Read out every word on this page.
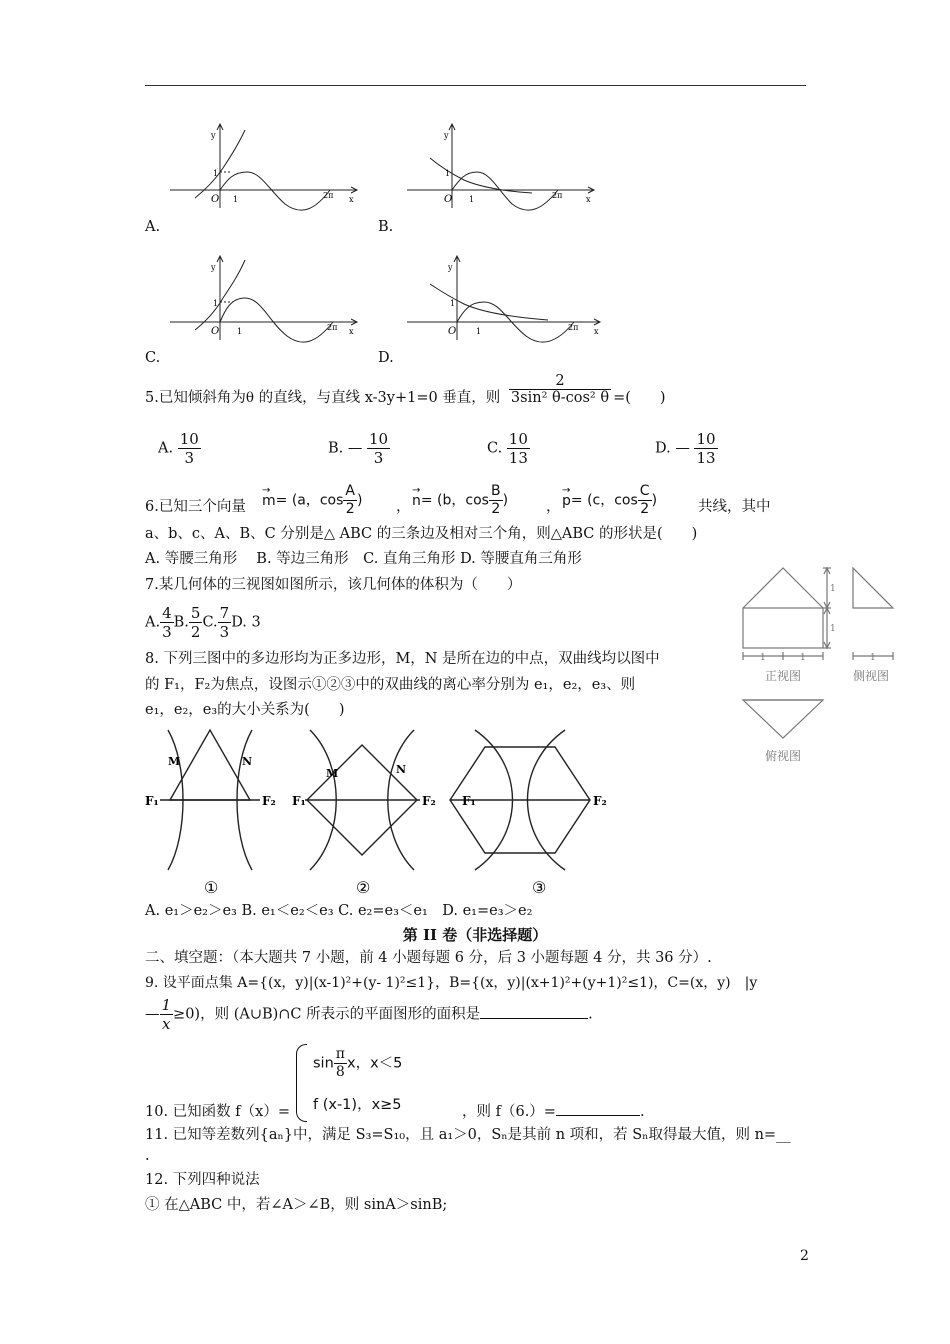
y
x
O
1
1	2π
A.
y
x
O
1
1	2π
B.
y
x
O
1
1	2π
C.
y
x
O
1
1	2π
D.
5.已知倾斜角为θ 的直线，与直线 x-3y+1=0 垂直，则 $\frac{2}{\text{3sin² θ-cos² θ}}$ =(　　)
A. $\frac{10}{3}$	B. — $\frac{10}{3}$	C. $\frac{10}{13}$	D. — $\frac{10}{13}$
6.已知三个向量
→
m= (a，$\cos \frac{A}{2}$ ) ，
→
n= (b，$\cos \frac{B}{2}$ )	，
→
p= (c，$\cos \frac{C}{2}$ )	共线，其中
a、b、c、A、B、C 分别是△ ABC 的三条边及相对三个角，则△ABC 的形状是(　　)
A. 等腰三角形　 B. 等边三角形　C. 直角三角形 D. 等腰直角三角形
7.某几何体的三视图如图所示，该几何体的体积为（　　）
A. $\frac{4}{3} B$. $\frac{5}{2} C$. $\frac{7}{3} D$. 3
1
1
1	1	1
正视图	侧视图
俯视图
8. 下列三图中的多边形均为正多边形，M，N 是所在边的中点，双曲线均以图中
的 F₁，F₂为焦点，设图示①②③中的双曲线的离心率分别为 e₁，e₂，e₃、则
e₁，e₂，e₃的大小关系为(　　)
M	N
F₁	F₂
M	N
F₁	F₂ F₁	F₂
①	②	③
A. e₁＞e₂＞e₃ B. e₁＜e₂＜e₃ C. e₂=e₃＜e₁　D. e₁=e₃＞e₂
第 II 卷（非选择题）
二、填空题：（本大题共 7 小题，前 4 小题每题 6 分，后 3 小题每题 4 分，共 36 分）.
9. 设平面点集 A={(x，y)|(x-1)²+(y- 1)²≤1}，B={(x，y)|(x+1)²+(y+1)²≤1)，C=(x，y)　|y
— $\frac{1}{x} \ge 0$)，则 (A∪B)∩C 所表示的平面图形的面积是	.
$\sin \frac{\pi}{8}$ x，x＜5
f (x-1)，x≥5
10. 已知函数 f（x）=	，则 f（6.）=	.
11. 已知等差数列{aₙ}中，满足 S₃=S₁₀，且 a₁＞0，Sₙ是其前 n 项和，若 Sₙ取得最大值，则 n=__
.
12. 下列四种说法
① 在△ABC 中，若∠A＞∠B，则 sinA＞sinB;
2
